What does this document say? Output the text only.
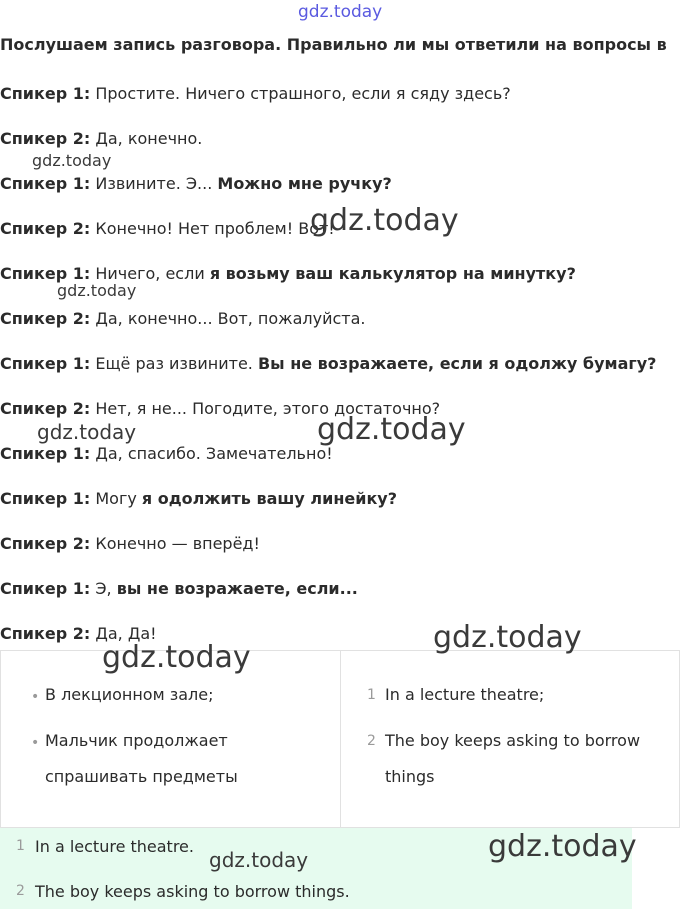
gdz.today
Послушаем запись разговора. Правильно ли мы ответили на вопросы в
Спикер 1: Простите. Ничего страшного, если я сяду здесь?
Спикер 2: Да, конечно.
Спикер 1: Извините. Э... Можно мне ручку?
Спикер 2: Конечно! Нет проблем! Вот!
Спикер 1: Ничего, если я возьму ваш калькулятор на минутку?
Спикер 2: Да, конечно... Вот, пожалуйста.
Спикер 1: Ещё раз извините. Вы не возражаете, если я одолжу бумагу?
Спикер 2: Нет, я не... Погодите, этого достаточно?
Спикер 1: Да, спасибо. Замечательно!
Спикер 1: Могу я одолжить вашу линейку?
Спикер 2: Конечно — вперёд!
Спикер 1: Э, вы не возражаете, если...
Спикер 2: Да, Да!
• В лекционном зале;
• Мальчик продолжает
спрашивать предметы
1 In a lecture theatre;
2 The boy keeps asking to borrow
things
1 In a lecture theatre.
2 The boy keeps asking to borrow things.
gdz.today
gdz.today
gdz.today
gdz.today	gdz.today
gdz.today
gdz.today
gdz.today
gdz.today
